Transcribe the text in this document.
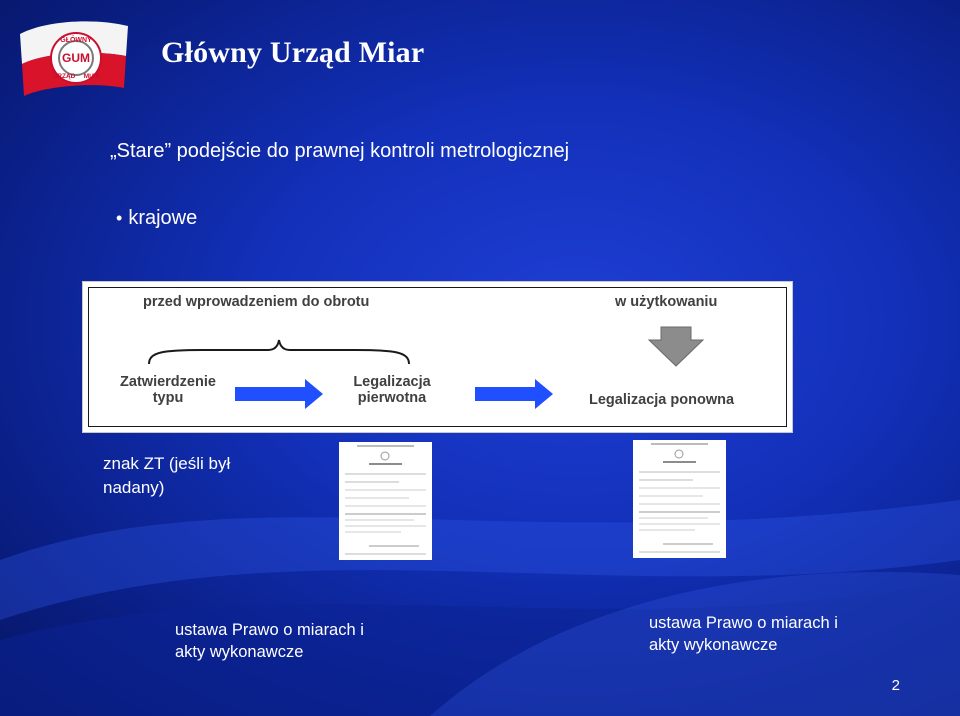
GŁÓWNY
GUM
URZĄD MIAR
Główny Urząd Miar
„Stare” podejście do prawnej kontroli metrologicznej
• krajowe
przed wprowadzeniem do obrotu	w użytkowaniu
Zatwierdzenie
typu
Legalizacja
pierwotna	Legalizacja ponowna
znak ZT (jeśli był
nadany)
ustawa Prawo o miarach i
akty wykonawcze
ustawa Prawo o miarach i
akty wykonawcze
2
